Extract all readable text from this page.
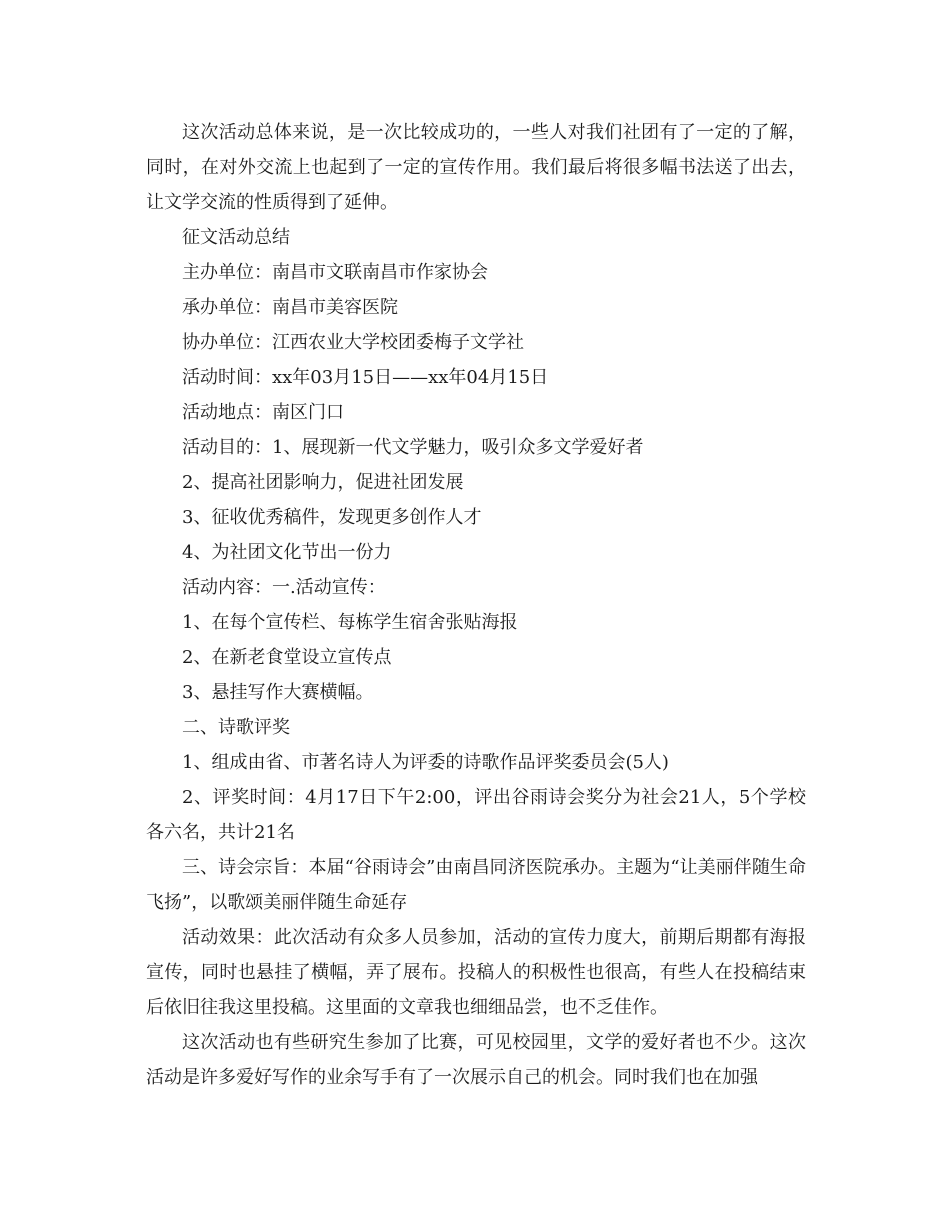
这次活动总体来说，是一次比较成功的，一些人对我们社团有了一定的了解，同时，在对外交流上也起到了一定的宣传作用。我们最后将很多幅书法送了出去，让文学交流的性质得到了延伸。

征文活动总结

主办单位：南昌市文联南昌市作家协会

承办单位：南昌市美容医院

协办单位：江西农业大学校团委梅子文学社

活动时间：xx年03月15日——xx年04月15日

活动地点：南区门口

活动目的：1、展现新一代文学魅力，吸引众多文学爱好者

2、提高社团影响力，促进社团发展

3、征收优秀稿件，发现更多创作人才

4、为社团文化节出一份力

活动内容：一.活动宣传：

1、在每个宣传栏、每栋学生宿舍张贴海报

2、在新老食堂设立宣传点

3、悬挂写作大赛横幅。

二、诗歌评奖

1、组成由省、市著名诗人为评委的诗歌作品评奖委员会(5人)

2、评奖时间：4月17日下午2:00，评出谷雨诗会奖分为社会21人，5个学校各六名，共计21名

三、诗会宗旨：本届“谷雨诗会”由南昌同济医院承办。主题为“让美丽伴随生命飞扬”，以歌颂美丽伴随生命延存

活动效果：此次活动有众多人员参加，活动的宣传力度大，前期后期都有海报宣传，同时也悬挂了横幅，弄了展布。投稿人的积极性也很高，有些人在投稿结束后依旧往我这里投稿。这里面的文章我也细细品尝，也不乏佳作。

这次活动也有些研究生参加了比赛，可见校园里，文学的爱好者也不少。这次活动是许多爱好写作的业余写手有了一次展示自己的机会。同时我们也在加强
